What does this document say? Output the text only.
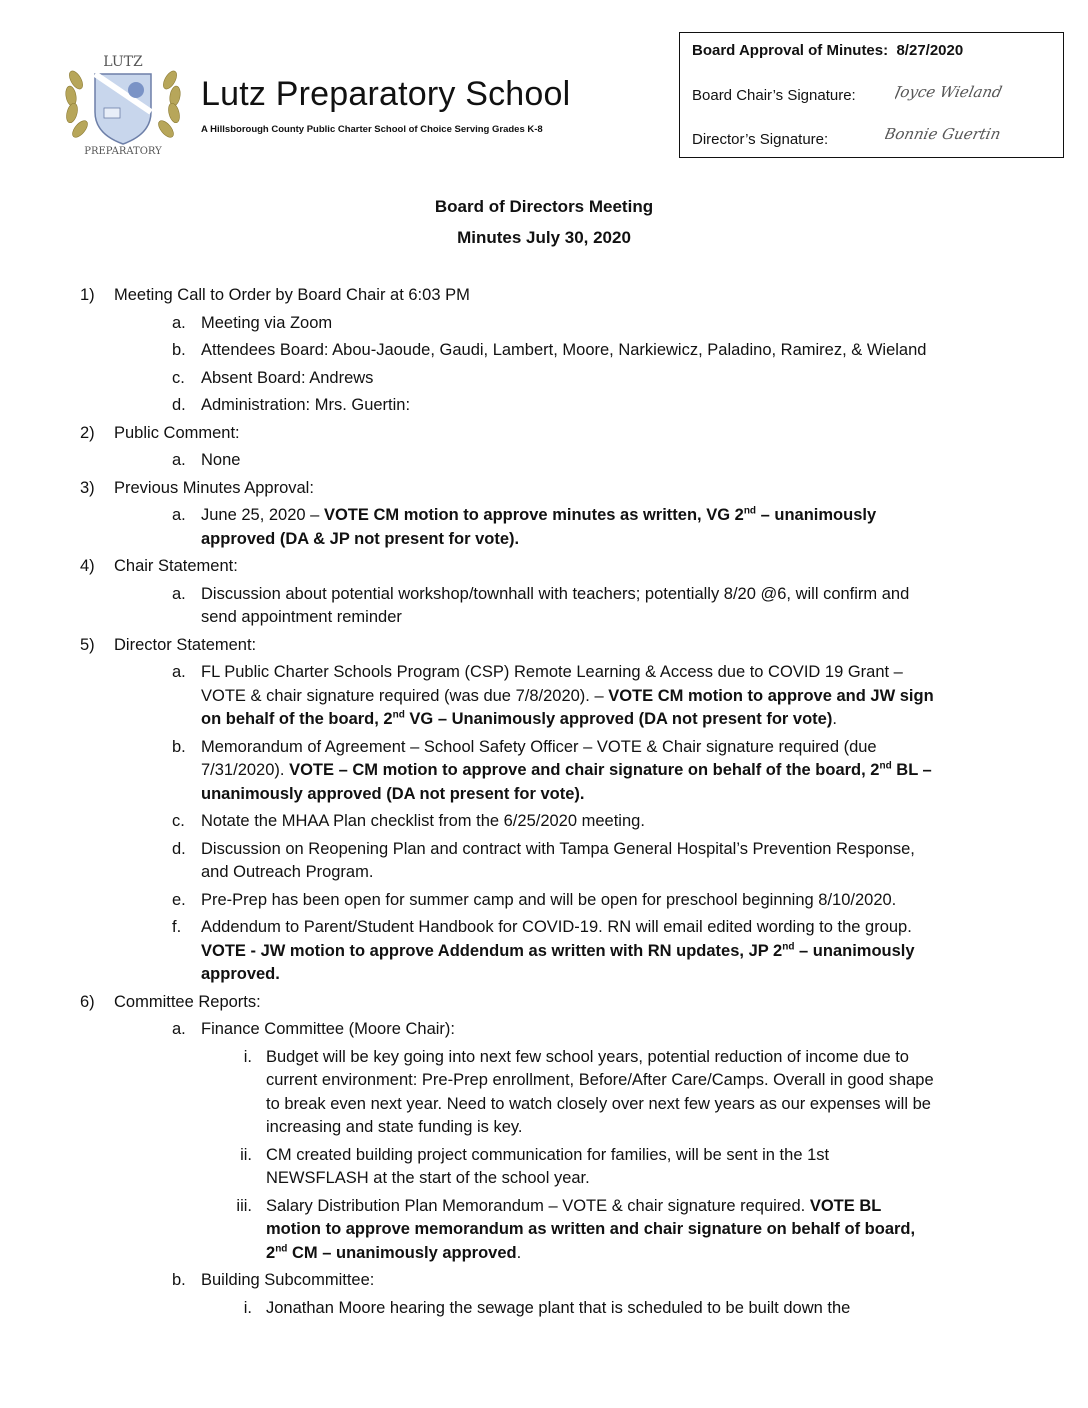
LUTZ
PREPARATORY
Lutz Preparatory School
A Hillsborough County Public Charter School of Choice Serving Grades K-8
Board Approval of Minutes: 8/27/2020
Board Chair’s Signature:
Director’s Signature:
Joyce Wieland
Bonnie Guertin
Board of Directors Meeting
Minutes July 30, 2020
1) Meeting Call to Order by Board Chair at 6:03 PM
a. Meeting via Zoom
b. Attendees Board: Abou-Jaoude, Gaudi, Lambert, Moore, Narkiewicz, Paladino, Ramirez, & Wieland
c. Absent Board: Andrews
d. Administration: Mrs. Guertin:
2) Public Comment:
a. None
3) Previous Minutes Approval:
a. June 25, 2020 – VOTE CM motion to approve minutes as written, VG 2nd – unanimously approved (DA & JP not present for vote).
4) Chair Statement:
a. Discussion about potential workshop/townhall with teachers; potentially 8/20 @6, will confirm and send appointment reminder
5) Director Statement:
a. FL Public Charter Schools Program (CSP) Remote Learning & Access due to COVID 19 Grant – VOTE & chair signature required (was due 7/8/2020). – VOTE CM motion to approve and JW sign on behalf of the board, 2nd VG – Unanimously approved (DA not present for vote).
b. Memorandum of Agreement – School Safety Officer – VOTE & Chair signature required (due 7/31/2020). VOTE – CM motion to approve and chair signature on behalf of the board, 2nd BL – unanimously approved (DA not present for vote).
c. Notate the MHAA Plan checklist from the 6/25/2020 meeting.
d. Discussion on Reopening Plan and contract with Tampa General Hospital’s Prevention Response, and Outreach Program.
e. Pre-Prep has been open for summer camp and will be open for preschool beginning 8/10/2020.
f. Addendum to Parent/Student Handbook for COVID-19. RN will email edited wording to the group. VOTE - JW motion to approve Addendum as written with RN updates, JP 2nd – unanimously approved.
6) Committee Reports:
a. Finance Committee (Moore Chair):
i. Budget will be key going into next few school years, potential reduction of income due to current environment: Pre-Prep enrollment, Before/After Care/Camps. Overall in good shape to break even next year. Need to watch closely over next few years as our expenses will be increasing and state funding is key.
ii. CM created building project communication for families, will be sent in the 1st NEWSFLASH at the start of the school year.
iii. Salary Distribution Plan Memorandum – VOTE & chair signature required. VOTE BL motion to approve memorandum as written and chair signature on behalf of board, 2nd CM – unanimously approved.
b. Building Subcommittee:
i. Jonathan Moore hearing the sewage plant that is scheduled to be built down the
